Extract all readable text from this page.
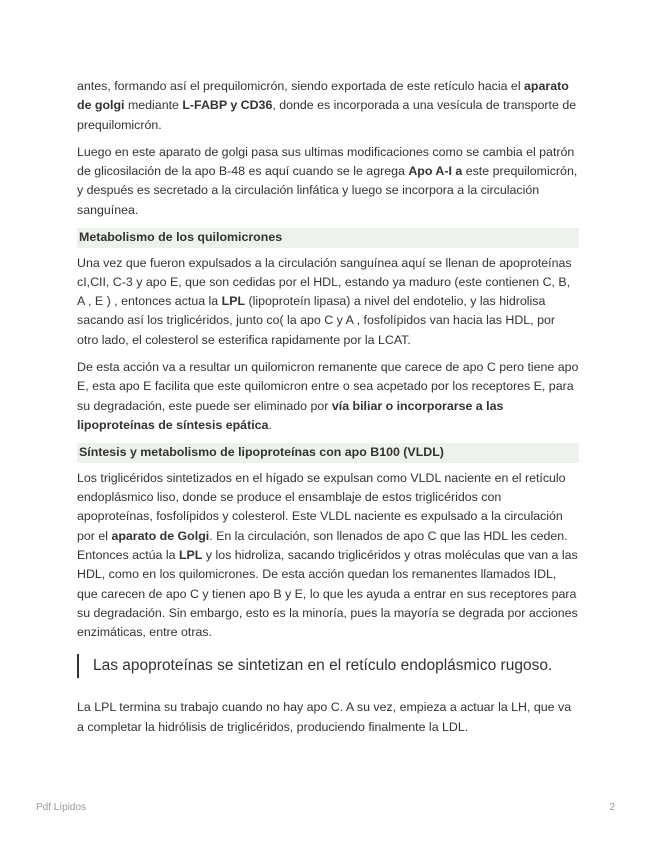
antes, formando así el prequilomicrón, siendo exportada de este retículo hacia el aparato de golgi mediante L-FABP y CD36, donde es incorporada a una vesícula de transporte de prequilomicrón.

Luego en este aparato de golgi pasa sus ultimas modificaciones como se cambia el patrón de glicosilación de la apo B-48 es aquí cuando se le agrega Apo A-I a este prequilomicrón, y después es secretado a la circulación linfática y luego se incorpora a la circulación sanguínea.

Metabolismo de los quilomicrones

Una vez que fueron expulsados a la circulación sanguínea aquí se llenan de apoproteínas cI,CII, C-3 y apo E, que son cedidas por el HDL, estando ya maduro (este contienen C, B, A , E ) , entonces actua la LPL (lipoproteín lipasa) a nivel del endotelio, y las hidrolisa sacando así los triglicéridos, junto co( la apo C y A , fosfolípidos van hacia las HDL, por otro lado, el colesterol se esterifica rapidamente por la LCAT.

De esta acción va a resultar un quilomicron remanente que carece de apo C pero tiene apo E, esta apo E facilita que este quilomicron entre o sea acpetado por los receptores E, para su degradación, este puede ser eliminado por vía biliar o incorporarse a las lipoproteínas de síntesis epática.

Síntesis y metabolismo de lipoproteínas con apo B100 (VLDL)

Los triglicéridos sintetizados en el hígado se expulsan como VLDL naciente en el retículo endoplásmico liso, donde se produce el ensamblaje de estos triglicéridos con apoproteínas, fosfolípidos y colesterol. Este VLDL naciente es expulsado a la circulación por el aparato de Golgi. En la circulación, son llenados de apo C que las HDL les ceden. Entonces actúa la LPL y los hidroliza, sacando triglicéridos y otras moléculas que van a las HDL, como en los quilomicrones. De esta acción quedan los remanentes llamados IDL, que carecen de apo C y tienen apo B y E, lo que les ayuda a entrar en sus receptores para su degradación. Sin embargo, esto es la minoría, pues la mayoría se degrada por acciones enzimáticas, entre otras.

Las apoproteínas se sintetizan en el retículo endoplásmico rugoso.

La LPL termina su trabajo cuando no hay apo C. A su vez, empieza a actuar la LH, que va a completar la hidrólisis de triglicéridos, produciendo finalmente la LDL.

Pdf Lípidos	2
